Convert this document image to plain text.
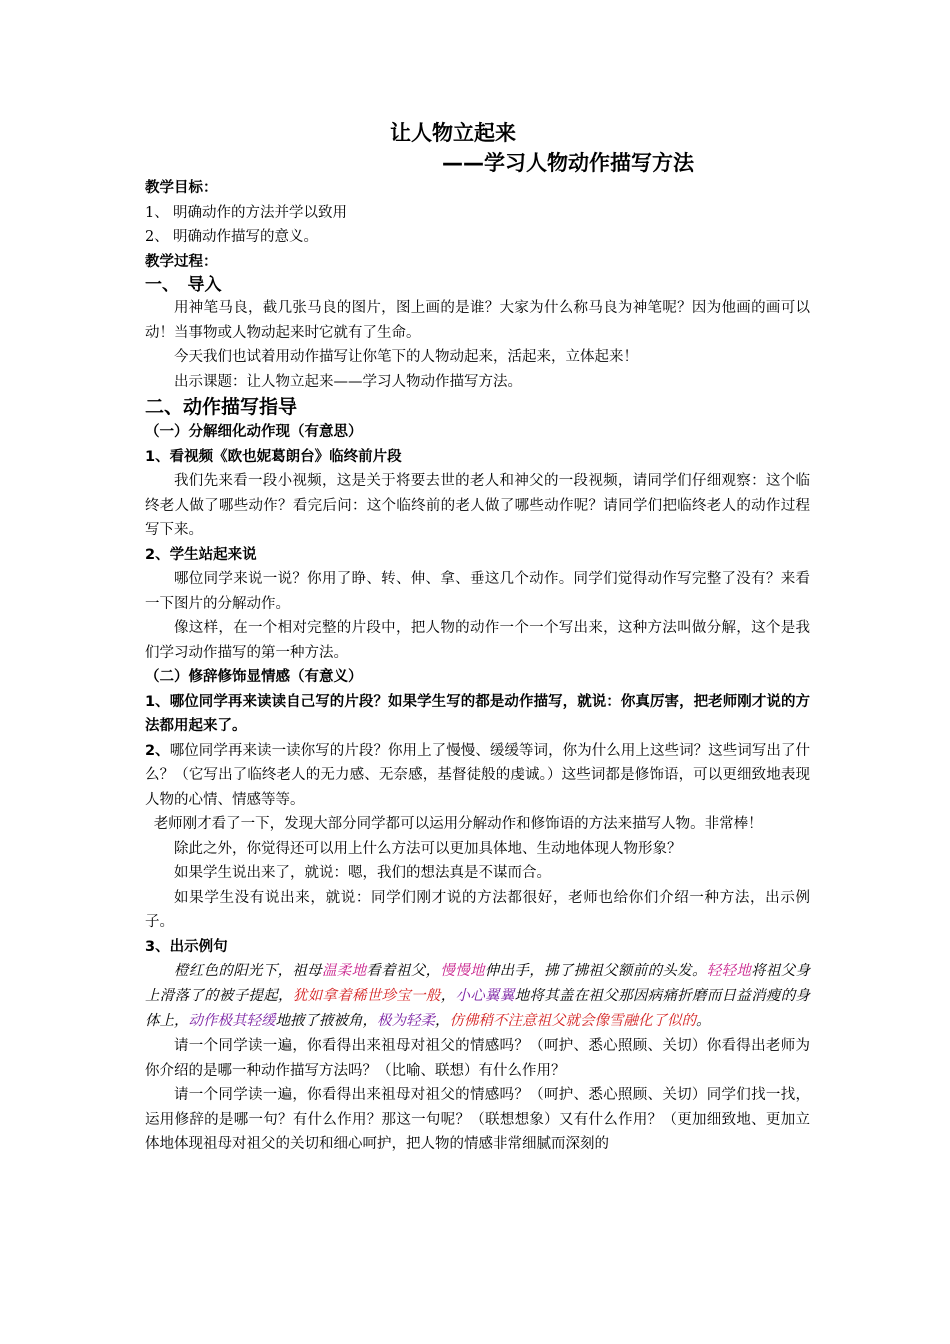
让人物立起来
——学习人物动作描写方法

教学目标：

1、 明确动作的方法并学以致用

2、 明确动作描写的意义。

教学过程：

一、　导入

用神笔马良，截几张马良的图片，图上画的是谁？大家为什么称马良为神笔呢？因为他画的画可以动！当事物或人物动起来时它就有了生命。

今天我们也试着用动作描写让你笔下的人物动起来，活起来，立体起来！

出示课题：让人物立起来——学习人物动作描写方法。

二、动作描写指导

（一）分解细化动作现（有意思）

1、看视频《欧也妮葛朗台》临终前片段

我们先来看一段小视频，这是关于将要去世的老人和神父的一段视频，请同学们仔细观察：这个临终老人做了哪些动作？看完后问：这个临终前的老人做了哪些动作呢？请同学们把临终老人的动作过程写下来。

2、学生站起来说

哪位同学来说一说？你用了睁、转、伸、拿、垂这几个动作。同学们觉得动作写完整了没有？来看一下图片的分解动作。

像这样，在一个相对完整的片段中，把人物的动作一个一个写出来，这种方法叫做分解，这个是我们学习动作描写的第一种方法。

（二）修辞修饰显情感（有意义）

1、哪位同学再来读读自己写的片段？如果学生写的都是动作描写，就说：你真厉害，把老师刚才说的方法都用起来了。

2、哪位同学再来读一读你写的片段？你用上了慢慢、缓缓等词，你为什么用上这些词？这些词写出了什么？（它写出了临终老人的无力感、无奈感，基督徒般的虔诚。）这些词都是修饰语，可以更细致地表现人物的心情、情感等等。

老师刚才看了一下，发现大部分同学都可以运用分解动作和修饰语的方法来描写人物。非常棒！

除此之外，你觉得还可以用上什么方法可以更加具体地、生动地体现人物形象？

如果学生说出来了，就说：嗯，我们的想法真是不谋而合。

如果学生没有说出来，就说：同学们刚才说的方法都很好，老师也给你们介绍一种方法，出示例子。

3、出示例句

橙红色的阳光下，祖母温柔地看着祖父，慢慢地伸出手，拂了拂祖父额前的头发。轻轻地将祖父身上滑落了的被子提起，犹如拿着稀世珍宝一般，小心翼翼地将其盖在祖父那因病痛折磨而日益消瘦的身体上，动作极其轻缓地掖了掖被角，极为轻柔，仿佛稍不注意祖父就会像雪融化了似的。

请一个同学读一遍，你看得出来祖母对祖父的情感吗？（呵护、悉心照顾、关切）你看得出老师为你介绍的是哪一种动作描写方法吗？（比喻、联想）有什么作用？

请一个同学读一遍，你看得出来祖母对祖父的情感吗？（呵护、悉心照顾、关切）同学们找一找，运用修辞的是哪一句？有什么作用？那这一句呢？（联想想象）又有什么作用？（更加细致地、更加立体地体现祖母对祖父的关切和细心呵护，把人物的情感非常细腻而深刻的
